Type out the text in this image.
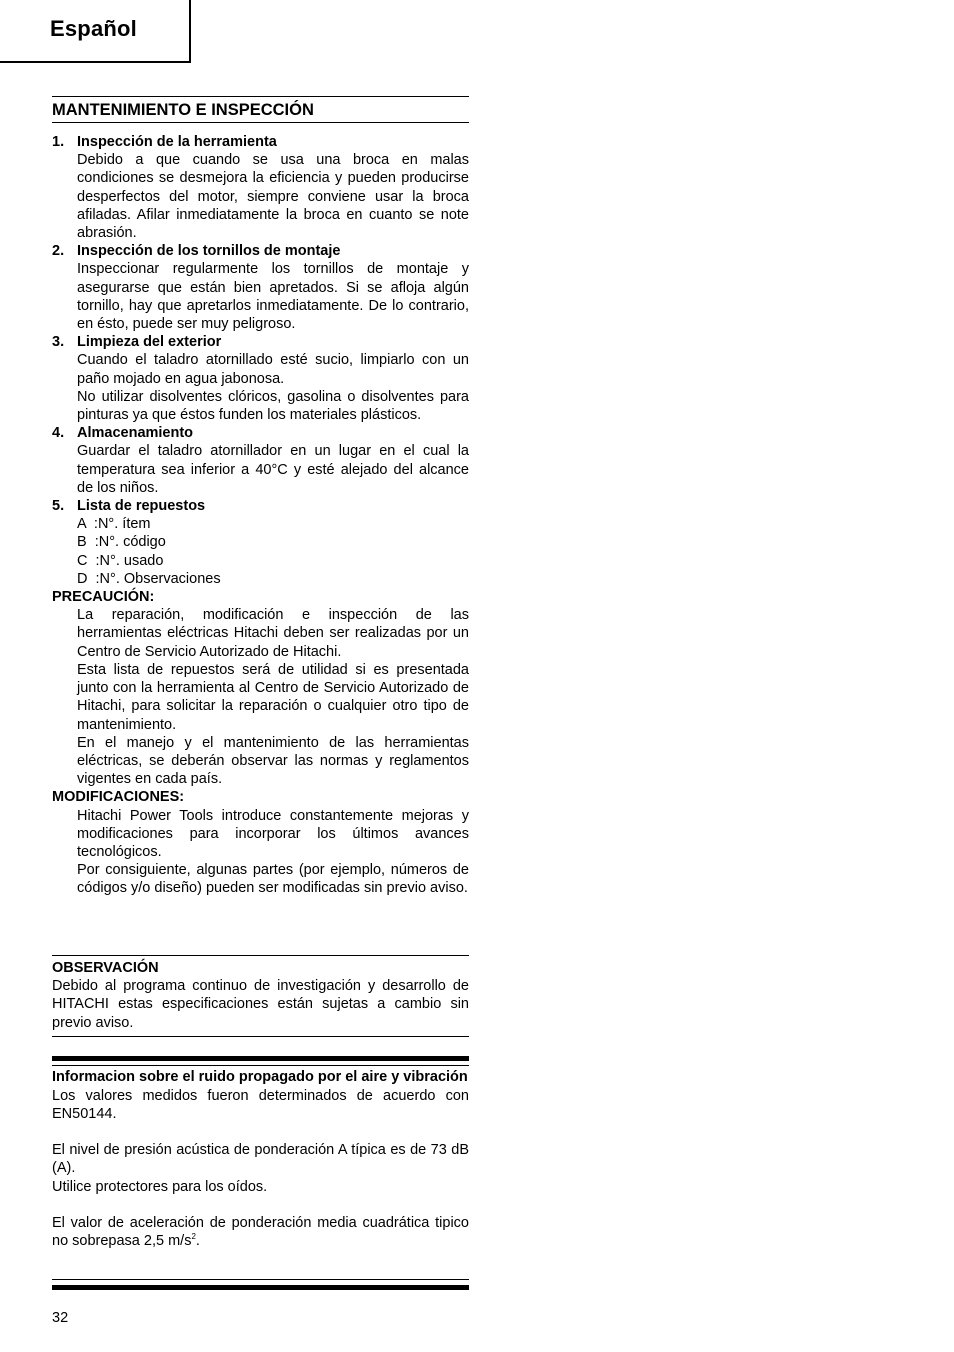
Español
MANTENIMIENTO E INSPECCIÓN
1. Inspección de la herramienta
Debido a que cuando se usa una broca en malas condiciones se desmejora la eficiencia y pueden producirse desperfectos del motor, siempre conviene usar la broca afiladas. Afilar inmediatamente la broca en cuanto se note abrasión.
2. Inspección de los tornillos de montaje
Inspeccionar regularmente los tornillos de montaje y asegurarse que están bien apretados. Si se afloja algún tornillo, hay que apretarlos inmediatamente. De lo contrario, en ésto, puede ser muy peligroso.
3. Limpieza del exterior
Cuando el taladro atornillado esté sucio, limpiarlo con un paño mojado en agua jabonosa.
No utilizar disolventes clóricos, gasolina o disolventes para pinturas ya que éstos funden los materiales plásticos.
4. Almacenamiento
Guardar el taladro atornillador en un lugar en el cual la temperatura sea inferior a 40°C y esté alejado del alcance de los niños.
5. Lista de repuestos
A  :N°. ítem
B  :N°. código
C  :N°. usado
D  :N°. Observaciones
PRECAUCIÓN:
La reparación, modificación e inspección de las herramientas eléctricas Hitachi deben ser realizadas por un Centro de Servicio Autorizado de Hitachi.
Esta lista de repuestos será de utilidad si es presentada junto con la herramienta al Centro de Servicio Autorizado de Hitachi, para solicitar la reparación o cualquier otro tipo de mantenimiento.
En el manejo y el mantenimiento de las herramientas eléctricas, se deberán observar las normas y reglamentos vigentes en cada país.
MODIFICACIONES:
Hitachi Power Tools introduce constantemente mejoras y modificaciones para incorporar los últimos avances tecnológicos.
Por consiguiente, algunas partes (por ejemplo, números de códigos y/o diseño) pueden ser modificadas sin previo aviso.
OBSERVACIÓN
Debido al programa continuo de investigación y desarrollo de HITACHI estas especificaciones están sujetas a cambio sin previo aviso.
Informacion sobre el ruido propagado por el aire y vibración
Los valores medidos fueron determinados de acuerdo con EN50144.
El nivel de presión acústica de ponderación A típica es de 73 dB (A).
Utilice protectores para los oídos.
El valor de aceleración de ponderación media cuadrática tipico no sobrepasa 2,5 $m/s^2$.
32
